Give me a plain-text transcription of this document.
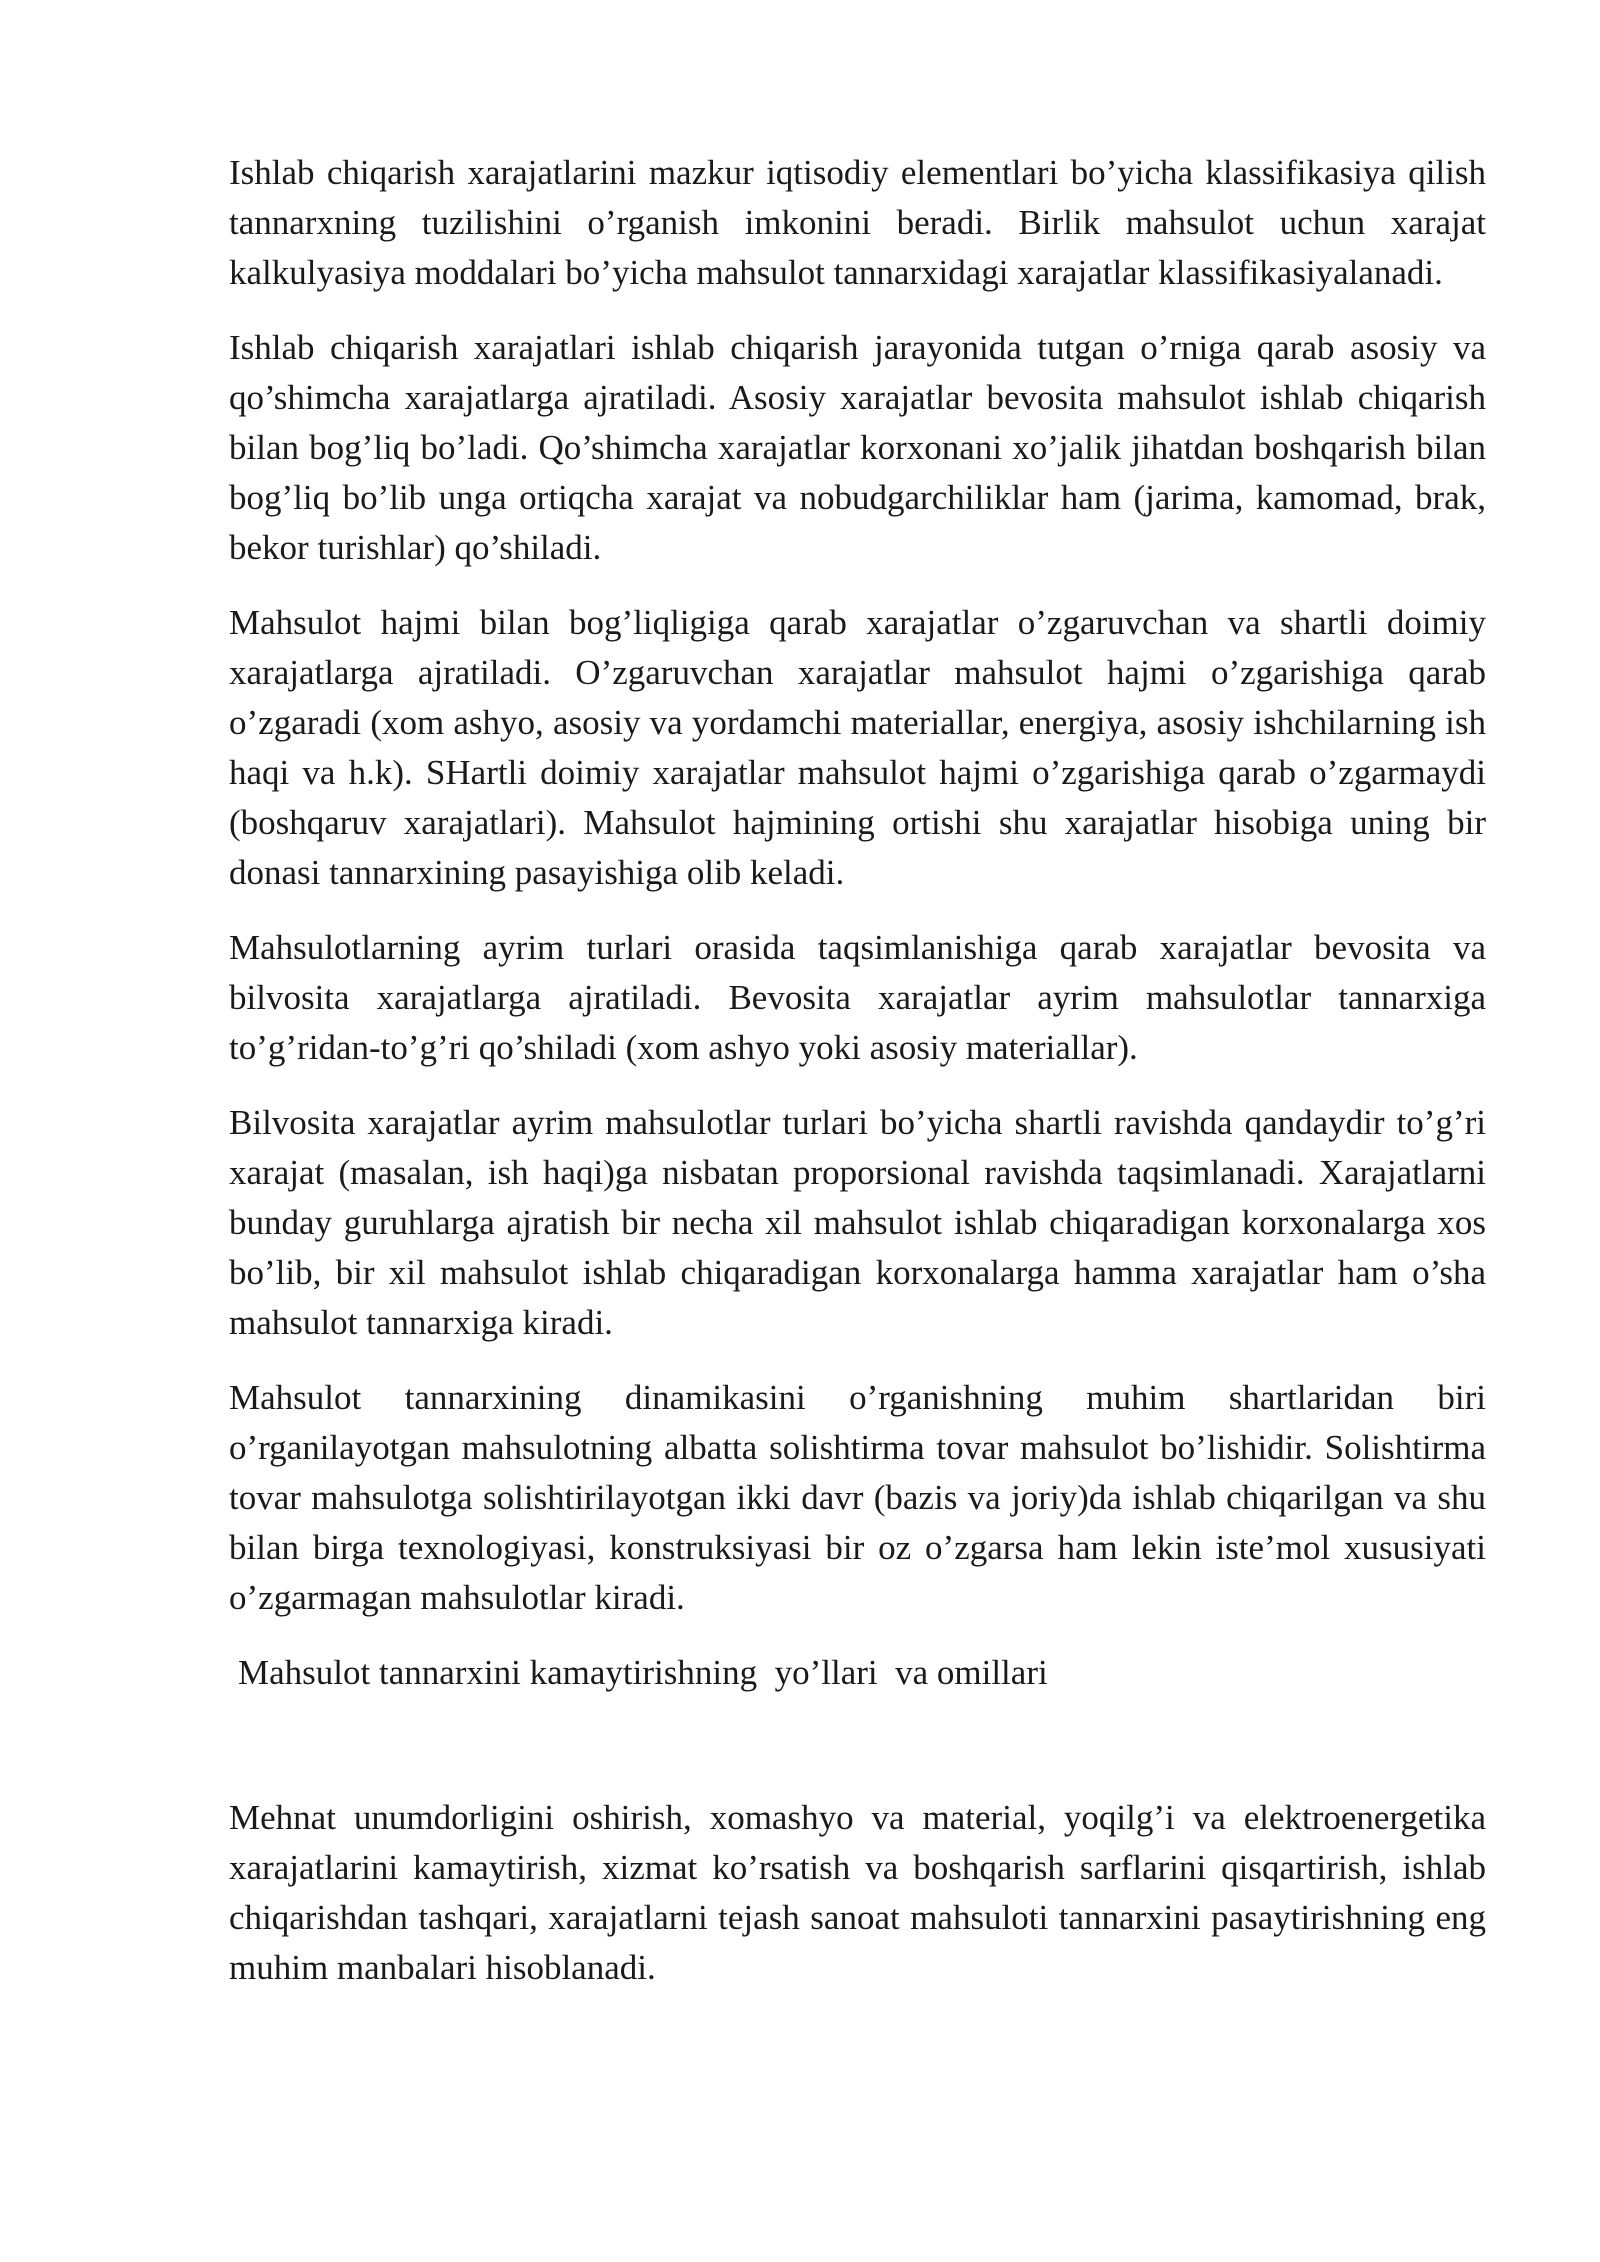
Ishlab chiqarish xarajatlarini mazkur iqtisodiy elementlari bo’yicha klassifikasiya qilish tannarxning tuzilishini o’rganish imkonini beradi. Birlik mahsulot uchun xarajat kalkulyasiya moddalari bo’yicha mahsulot tannarxidagi xarajatlar klassifikasiyalanadi.

Ishlab chiqarish xarajatlari ishlab chiqarish jarayonida tutgan o’rniga qarab asosiy va qo’shimcha xarajatlarga ajratiladi. Asosiy xarajatlar bevosita mahsulot ishlab chiqarish bilan bog’liq bo’ladi. Qo’shimcha xarajatlar korxonani xo’jalik jihatdan boshqarish bilan bog’liq bo’lib unga ortiqcha xarajat va nobudgarchiliklar ham (jarima, kamomad, brak, bekor turishlar) qo’shiladi.

Mahsulot hajmi bilan bog’liqligiga qarab xarajatlar o’zgaruvchan va shartli doimiy xarajatlarga ajratiladi. O’zgaruvchan xarajatlar mahsulot hajmi o’zgarishiga qarab o’zgaradi (xom ashyo, asosiy va yordamchi materiallar, energiya, asosiy ishchilarning ish haqi va h.k). SHartli doimiy xarajatlar mahsulot hajmi o’zgarishiga qarab o’zgarmaydi (boshqaruv xarajatlari). Mahsulot hajmining ortishi shu xarajatlar hisobiga uning bir donasi tannarxining pasayishiga olib keladi.

Mahsulotlarning ayrim turlari orasida taqsimlanishiga qarab xarajatlar bevosita va bilvosita xarajatlarga ajratiladi. Bevosita xarajatlar ayrim mahsulotlar tannarxiga to’g’ridan-to’g’ri qo’shiladi (xom ashyo yoki asosiy materiallar).

Bilvosita xarajatlar ayrim mahsulotlar turlari bo’yicha shartli ravishda qandaydir to’g’ri xarajat (masalan, ish haqi)ga nisbatan proporsional ravishda taqsimlanadi. Xarajatlarni bunday guruhlarga ajratish bir necha xil mahsulot ishlab chiqaradigan korxonalarga xos bo’lib, bir xil mahsulot ishlab chiqaradigan korxonalarga hamma xarajatlar ham o’sha mahsulot tannarxiga kiradi.

Mahsulot tannarxining dinamikasini o’rganishning muhim shartlaridan biri o’rganilayotgan mahsulotning albatta solishtirma tovar mahsulot bo’lishidir. Solishtirma tovar mahsulotga solishtirilayotgan ikki davr (bazis va joriy)da ishlab chiqarilgan va shu bilan birga texnologiyasi, konstruksiyasi bir oz o’zgarsa ham lekin iste’mol xususiyati o’zgarmagan mahsulotlar kiradi.

Mahsulot tannarxini kamaytirishning  yo’llari  va omillari

Mehnat unumdorligini oshirish, xomashyo va material, yoqilg’i va elektroenergetika xarajatlarini kamaytirish, xizmat ko’rsatish va boshqarish sarflarini qisqartirish, ishlab chiqarishdan tashqari, xarajatlarni tejash sanoat mahsuloti tannarxini pasaytirishning eng muhim manbalari hisoblanadi.
